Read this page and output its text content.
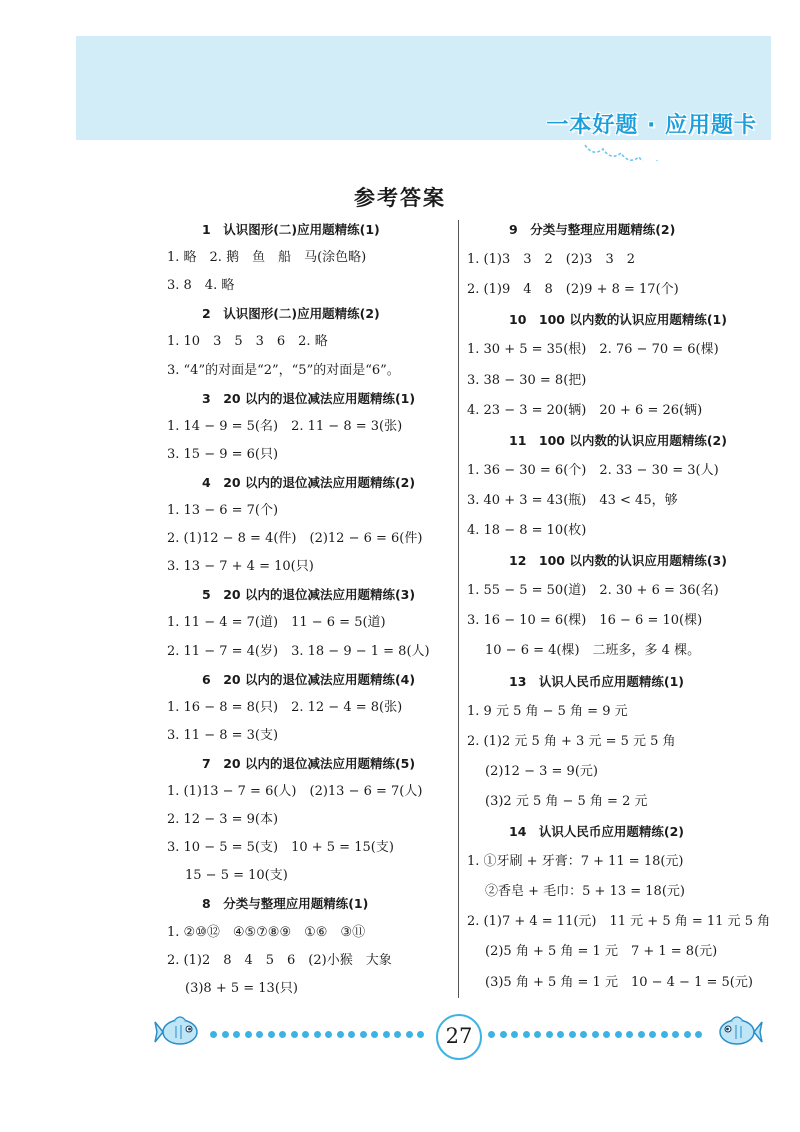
一本好题 · 应用题卡
参考答案
1　认识图形(二)应用题精练(1)
1. 略　2. 鹅　鱼　船　马(涂色略)
3. 8　4. 略
2　认识图形(二)应用题精练(2)
1. 10　3　5　3　6　2. 略
3. “4”的对面是“2”，“5”的对面是“6”。
3　20 以内的退位减法应用题精练(1)
1. 14 − 9 = 5(名)　2. 11 − 8 = 3(张)
3. 15 − 9 = 6(只)
4　20 以内的退位减法应用题精练(2)
1. 13 − 6 = 7(个)
2. (1)12 − 8 = 4(件)　(2)12 − 6 = 6(件)
3. 13 − 7 + 4 = 10(只)
5　20 以内的退位减法应用题精练(3)
1. 11 − 4 = 7(道)　11 − 6 = 5(道)
2. 11 − 7 = 4(岁)　3. 18 − 9 − 1 = 8(人)
6　20 以内的退位减法应用题精练(4)
1. 16 − 8 = 8(只)　2. 12 − 4 = 8(张)
3. 11 − 8 = 3(支)
7　20 以内的退位减法应用题精练(5)
1. (1)13 − 7 = 6(人)　(2)13 − 6 = 7(人)
2. 12 − 3 = 9(本)
3. 10 − 5 = 5(支)　10 + 5 = 15(支)
15 − 5 = 10(支)
8　分类与整理应用题精练(1)
1. ②⑩⑫　④⑤⑦⑧⑨　①⑥　③⑪
2. (1)2　8　4　5　6　(2)小猴　大象
(3)8 + 5 = 13(只)
9　分类与整理应用题精练(2)
1. (1)3　3　2　(2)3　3　2
2. (1)9　4　8　(2)9 + 8 = 17(个)
10　100 以内数的认识应用题精练(1)
1. 30 + 5 = 35(根)　2. 76 − 70 = 6(棵)
3. 38 − 30 = 8(把)
4. 23 − 3 = 20(辆)　20 + 6 = 26(辆)
11　100 以内数的认识应用题精练(2)
1. 36 − 30 = 6(个)　2. 33 − 30 = 3(人)
3. 40 + 3 = 43(瓶)　43 < 45，够
4. 18 − 8 = 10(枚)
12　100 以内数的认识应用题精练(3)
1. 55 − 5 = 50(道)　2. 30 + 6 = 36(名)
3. 16 − 10 = 6(棵)　16 − 6 = 10(棵)
10 − 6 = 4(棵)　二班多，多 4 棵。
13　认识人民币应用题精练(1)
1. 9 元 5 角 − 5 角 = 9 元
2. (1)2 元 5 角 + 3 元 = 5 元 5 角
(2)12 − 3 = 9(元)
(3)2 元 5 角 − 5 角 = 2 元
14　认识人民币应用题精练(2)
1. ①牙刷 + 牙膏：7 + 11 = 18(元)
②香皂 + 毛巾：5 + 13 = 18(元)
2. (1)7 + 4 = 11(元)　11 元 + 5 角 = 11 元 5 角
(2)5 角 + 5 角 = 1 元　7 + 1 = 8(元)
(3)5 角 + 5 角 = 1 元　10 − 4 − 1 = 5(元)
27
